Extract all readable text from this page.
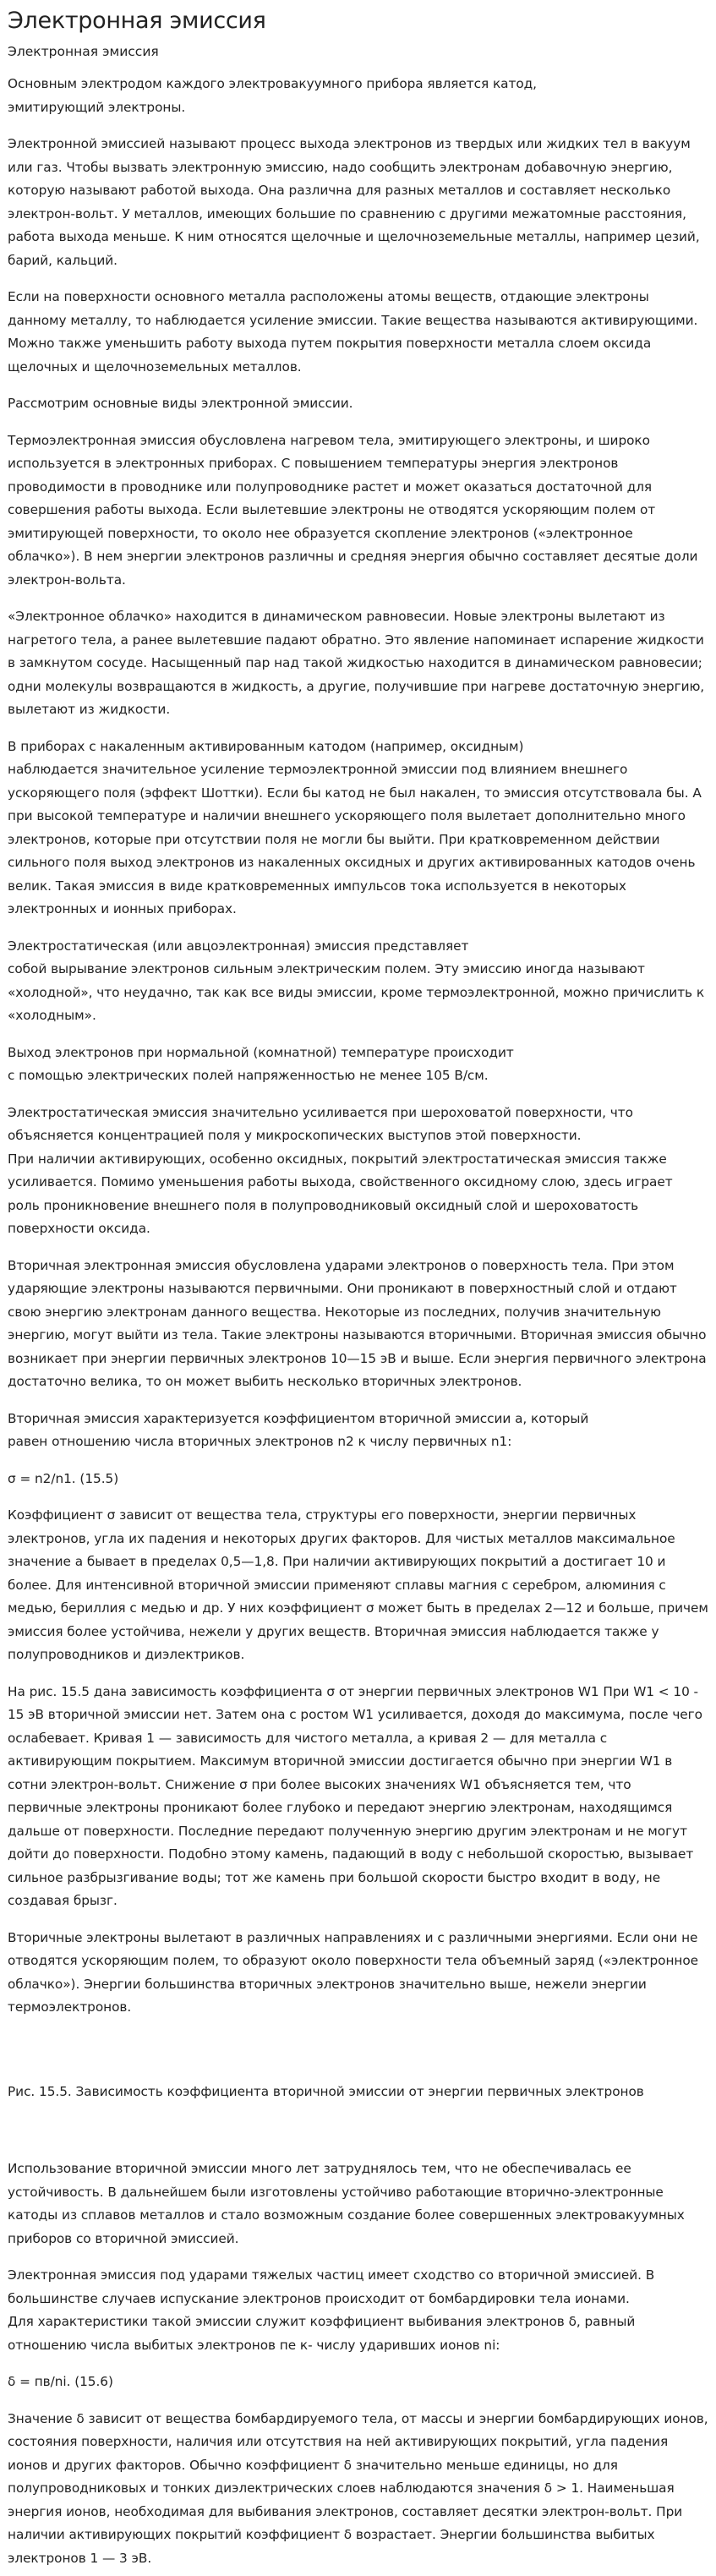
Электронная эмиссия
Электронная эмиссия

Основным электродом каждого электровакуумного прибора является катод,
эмитирующий электроны.

Электронной эмиссией называют процесс выхода электронов из твердых или жидких тел в вакуум или газ. Чтобы вызвать электронную эмиссию, надо сообщить электронам добавочную энергию, которую называют работой выхода. Она различна для разных металлов и составляет несколько электрон-вольт. У металлов, имеющих большие по сравнению с другими межатомные расстояния, работа выхода меньше. К ним относятся щелочные и щелочноземельные металлы, например цезий, барий, кальций.

Если на поверхности основного металла расположены атомы веществ, отдающие электроны данному металлу, то наблюдается усиление эмиссии. Такие вещества называются активирующими. Можно также уменьшить работу выхода путем покрытия поверхности металла слоем оксида щелочных и щелочноземельных металлов.

Рассмотрим основные виды электронной эмиссии.

Термоэлектронная эмиссия обусловлена нагревом тела, эмитирующего электроны, и широко используется в электронных приборах. С повышением температуры энергия электронов проводимости в проводнике или полупроводнике растет и может оказаться достаточной для совершения работы выхода. Если вылетевшие электроны не отводятся ускоряющим полем от эмитирующей поверхности, то около нее образуется скопление электронов («электронное облачко»). В нем энергии электронов различны и средняя энергия обычно составляет десятые доли электрон-вольта.

«Электронное облачко» находится в динамическом равновесии. Новые электроны вылетают из нагретого тела, а ранее вылетевшие падают обратно. Это явление напоминает испарение жидкости в замкнутом сосуде. Насыщенный пар над такой жидкостью находится в динамическом равновесии; одни молекулы возвращаются в жидкость, а другие, получившие при нагреве достаточную энергию, вылетают из жидкости.

В приборах с накаленным активированным катодом (например, оксидным)
наблюдается значительное усиление термоэлектронной эмиссии под влиянием внешнего ускоряющего поля (эффект Шоттки). Если бы катод не был накален, то эмиссия отсутствовала бы. А при высокой температуре и наличии внешнего ускоряющего поля вылетает дополнительно много электронов, которые при отсутствии поля не могли бы выйти. При кратковременном действии сильного поля выход электронов из накаленных оксидных и других активированных катодов очень велик. Такая эмиссия в виде кратковременных импульсов тока используется в некоторых электронных и ионных приборах.

Электростатическая (или авцоэлектронная) эмиссия представляет
собой вырывание электронов сильным электрическим полем. Эту эмиссию иногда называют «холодной», что неудачно, так как все виды эмиссии, кроме термоэлектронной, можно причислить к «холодным».

Выход электронов при нормальной (комнатной) температуре происходит
с помощью электрических полей напряженностью не менее 105 В/см.

Электростатическая эмиссия значительно усиливается при шероховатой поверхности, что объясняется концентрацией поля у микроскопических выступов этой поверхности.
При наличии активирующих, особенно оксидных, покрытий электростатическая эмиссия также усиливается. Помимо уменьшения работы выхода, свойственного оксидному слою, здесь играет роль проникновение внешнего поля в полупроводниковый оксидный слой и шероховатость поверхности оксида.

Вторичная электронная эмиссия обусловлена ударами электронов о поверхность тела. При этом ударяющие электроны называются первичными. Они проникают в поверхностный слой и отдают свою энергию электронам данного вещества. Некоторые из последних, получив значительную энергию, могут выйти из тела. Такие электроны называются вторичными. Вторичная эмиссия обычно возникает при энергии первичных электронов 10—15 эВ и выше. Если энергия первичного электрона достаточно велика, то он может выбить несколько вторичных электронов.

Вторичная эмиссия характеризуется коэффициентом вторичной эмиссии а, который
равен отношению числа вторичных электронов n2 к числу первичных n1:

σ = n2/n1. (15.5)

Коэффициент σ зависит от вещества тела, структуры его поверхности, энергии первичных электронов, угла их падения и некоторых других факторов. Для чистых металлов максимальное значение а бывает в пределах 0,5—1,8. При наличии активирующих покрытий а достигает 10 и более. Для интенсивной вторичной эмиссии применяют сплавы магния с серебром, алюминия с медью, бериллия с медью и др. У них коэффициент σ может быть в пределах 2—12 и больше, причем эмиссия более устойчива, нежели у других веществ. Вторичная эмиссия наблюдается также у полупроводников и диэлектриков.

На рис. 15.5 дана зависимость коэффициента σ от энергии первичных электронов W1 При W1 < 10 - 15 эВ вторичной эмиссии нет. Затем она с ростом W1 усиливается, доходя до максимума, после чего ослабевает. Кривая 1 — зависимость для чистого металла, а кривая 2 — для металла с активирующим покрытием. Максимум вторичной эмиссии достигается обычно при энергии W1 в сотни электрон-вольт. Снижение σ при более высоких значениях W1 объясняется тем, что первичные электроны проникают более глубоко и передают энергию электронам, находящимся дальше от поверхности. Последние передают полученную энергию другим электронам и не могут дойти до поверхности. Подобно этому камень, падающий в воду с небольшой скоростью, вызывает сильное разбрызгивание воды; тот же камень при большой скорости быстро входит в воду, не создавая брызг.

Вторичные электроны вылетают в различных направлениях и с различными энергиями. Если они не отводятся ускоряющим полем, то образуют около поверхности тела объемный заряд («электронное облачко»). Энергии большинства вторичных электронов значительно выше, нежели энергии термоэлектронов.

Рис. 15.5. Зависимость коэффициента вторичной эмиссии от энергии первичных электронов

Использование вторичной эмиссии много лет затруднялось тем, что не обеспечивалась ее устойчивость. В дальнейшем были изготовлены устойчиво работающие вторично-электронные катоды из сплавов металлов и стало возможным создание более совершенных электровакуумных приборов со вторичной эмиссией.

Электронная эмиссия под ударами тяжелых частиц имеет сходство со вторичной эмиссией. В большинстве случаев испускание электронов происходит от бомбардировки тела ионами.
Для характеристики такой эмиссии служит коэффициент выбивания электронов δ, равный отношению числа выбитых электронов пе к- числу ударивших ионов ni:

δ = пв/ni. (15.6)

Значение δ зависит от вещества бомбардируемого тела, от массы и энергии бомбардирующих ионов, состояния поверхности, наличия или отсутствия на ней активирующих покрытий, угла падения ионов и других факторов. Обычно коэффициент δ значительно меньше единицы, но для полупроводниковых и тонких диэлектрических слоев наблюдаются значения δ > 1. Наименьшая энергия ионов, необходимая для выбивания электронов, составляет десятки электрон-вольт. При наличии активирующих покрытий коэффициент δ возрастает. Энергии большинства выбитых электронов 1 — 3 эВ.
